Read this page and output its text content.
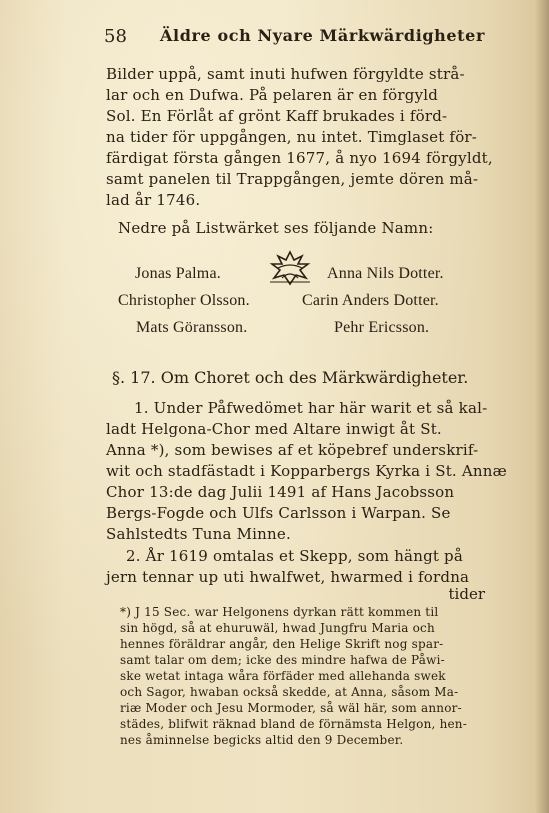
58 Äldre och Nyare Märkwärdigheter
Bilder uppå, samt inuti hufwen förgyldte strå-
lar och en Dufwa. På pelaren är en förgyld
Sol. En Förlåt af grönt Kaff brukades i förd-
na tider för uppgången, nu intet. Timglaset för-
färdigat första gången 1677, å nyo 1694 förgyldt,
samt panelen til Trappgången, jemte dören må-
lad år 1746.
Nedre på Listwärket ses följande Namn:
Jonas Palma.	Anna Nils Dotter.
Christopher Olsson.	Carin Anders Dotter.
Mats Göransson.	Pehr Ericsson.
§. 17. Om Choret och des Märkwärdigheter.
1. Under Påfwedömet har här warit et så kal-
ladt Helgona-Chor med Altare inwigt åt St.
Anna *), som bewises af et köpebref underskrif-
wit och stadfästadt i Kopparbergs Kyrka i St. Annæ
Chor 13:de dag Julii 1491 af Hans Jacobsson
Bergs-Fogde och Ulfs Carlsson i Warpan. Se
Sahlstedts Tuna Minne.
2. År 1619 omtalas et Skepp, som hängt på
jern tennar up uti hwalfwet, hwarmed i fordna
tider
*) J 15 Sec. war Helgonens dyrkan rätt kommen til
sin högd, så at ehuruwäl, hwad Jungfru Maria och
hennes föräldrar angår, den Helige Skrift nog spar-
samt talar om dem; icke des mindre hafwa de Påwi-
ske wetat intaga wåra förfäder med allehanda swek
och Sagor, hwaban också skedde, at Anna, såsom Ma-
riæ Moder och Jesu Mormoder, så wäl här, som annor-
städes, blifwit räknad bland de förnämsta Helgon, hen-
nes åminnelse begicks altid den 9 December.
